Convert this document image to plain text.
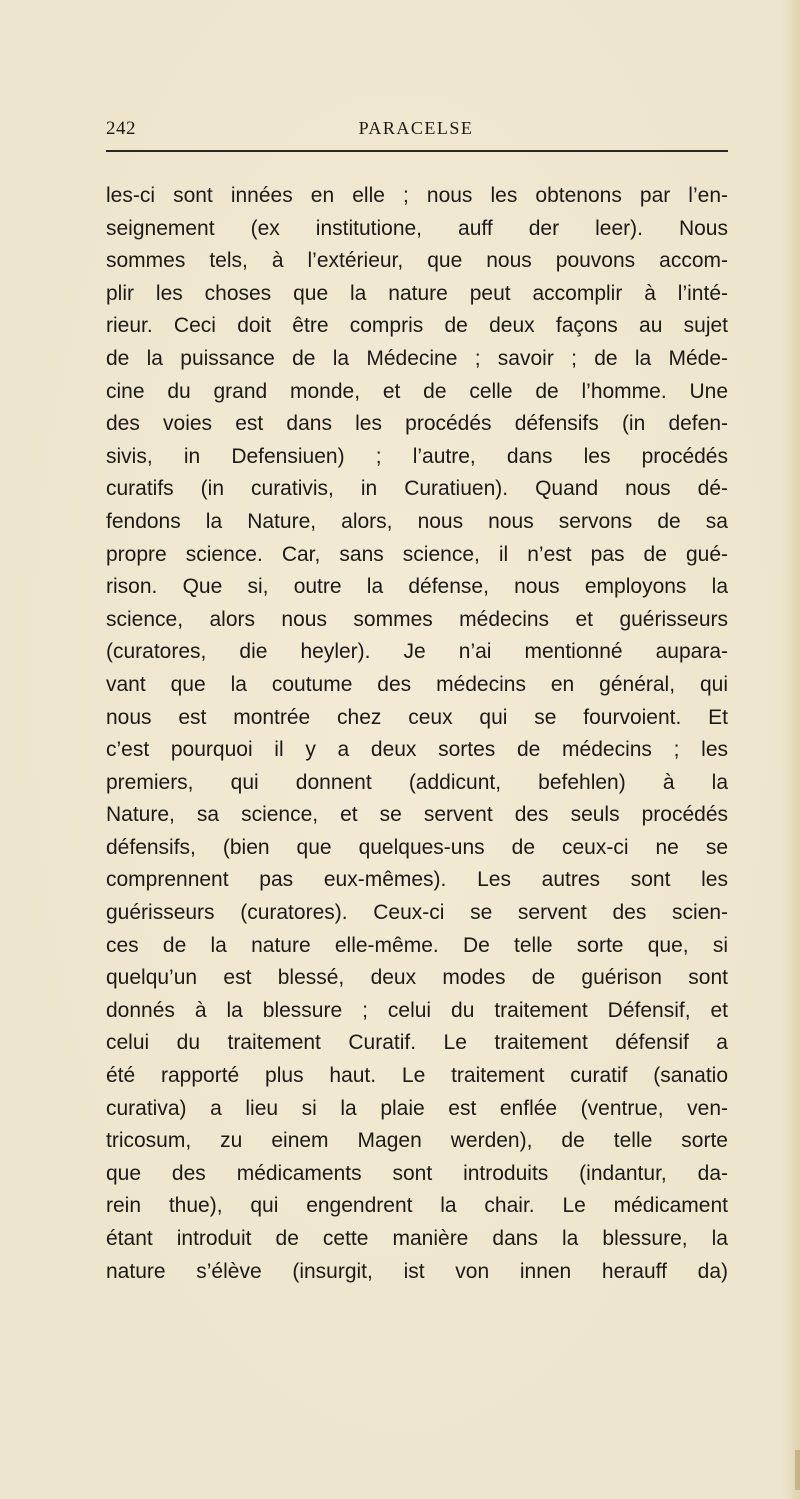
242	PARACELSE
les-ci sont innées en elle ; nous les obtenons par l’en-
seignement (ex institutione, auff der leer). Nous
sommes tels, à l’extérieur, que nous pouvons accom-
plir les choses que la nature peut accomplir à l’inté-
rieur. Ceci doit être compris de deux façons au sujet
de la puissance de la Médecine ; savoir ; de la Méde-
cine du grand monde, et de celle de l’homme. Une
des voies est dans les procédés défensifs (in defen-
sivis, in Defensiuen) ; l’autre, dans les procédés
curatifs (in curativis, in Curatiuen). Quand nous dé-
fendons la Nature, alors, nous nous servons de sa
propre science. Car, sans science, il n’est pas de gué-
rison. Que si, outre la défense, nous employons la
science, alors nous sommes médecins et guérisseurs
(curatores, die heyler). Je n’ai mentionné aupara-
vant que la coutume des médecins en général, qui
nous est montrée chez ceux qui se fourvoient. Et
c’est pourquoi il y a deux sortes de médecins ; les
premiers, qui donnent (addicunt, befehlen) à la
Nature, sa science, et se servent des seuls procédés
défensifs, (bien que quelques-uns de ceux-ci ne se
comprennent pas eux-mêmes). Les autres sont les
guérisseurs (curatores). Ceux-ci se servent des scien-
ces de la nature elle-même. De telle sorte que, si
quelqu’un est blessé, deux modes de guérison sont
donnés à la blessure ; celui du traitement Défensif, et
celui du traitement Curatif. Le traitement défensif a
été rapporté plus haut. Le traitement curatif (sanatio
curativa) a lieu si la plaie est enflée (ventrue, ven-
tricosum, zu einem Magen werden), de telle sorte
que des médicaments sont introduits (indantur, da-
rein thue), qui engendrent la chair. Le médicament
étant introduit de cette manière dans la blessure, la
nature s’élève (insurgit, ist von innen herauff da)
